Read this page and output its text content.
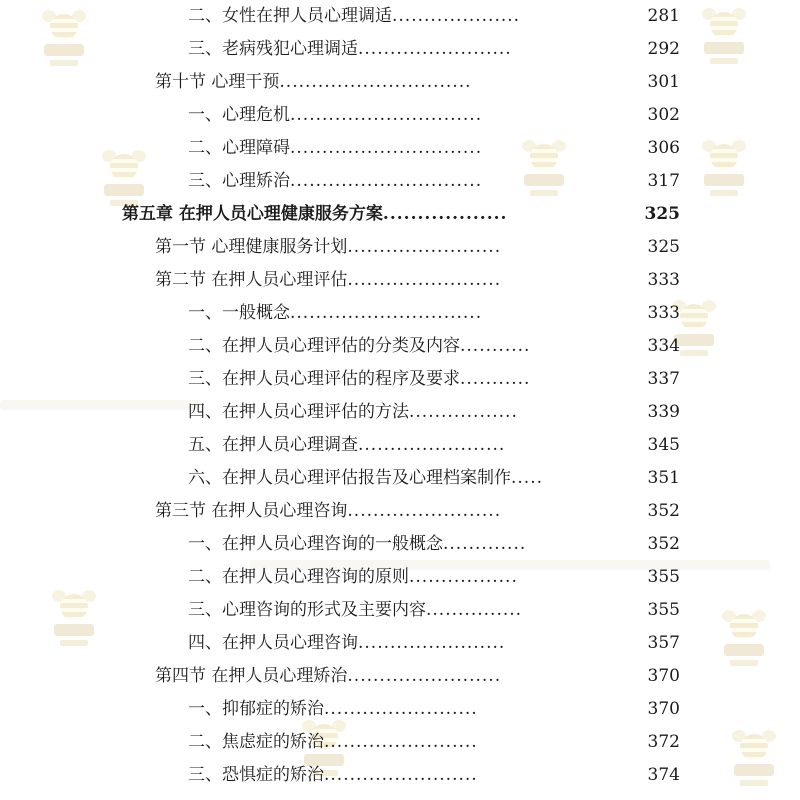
二、女性在押人员心理调适....................	281
三、老病残犯心理调适........................	292
第十节 心理干预..............................	301
一、心理危机..............................	302
二、心理障碍..............................	306
三、心理矫治..............................	317
第五章 在押人员心理健康服务方案..................	325
第一节 心理健康服务计划........................	325
第二节 在押人员心理评估........................	333
一、一般概念..............................	333
二、在押人员心理评估的分类及内容...........	334
三、在押人员心理评估的程序及要求...........	337
四、在押人员心理评估的方法.................	339
五、在押人员心理调查.......................	345
六、在押人员心理评估报告及心理档案制作.....	351
第三节 在押人员心理咨询........................	352
一、在押人员心理咨询的一般概念.............	352
二、在押人员心理咨询的原则.................	355
三、心理咨询的形式及主要内容...............	355
四、在押人员心理咨询.......................	357
第四节 在押人员心理矫治........................	370
一、抑郁症的矫治........................	370
二、焦虑症的矫治........................	372
三、恐惧症的矫治........................	374
